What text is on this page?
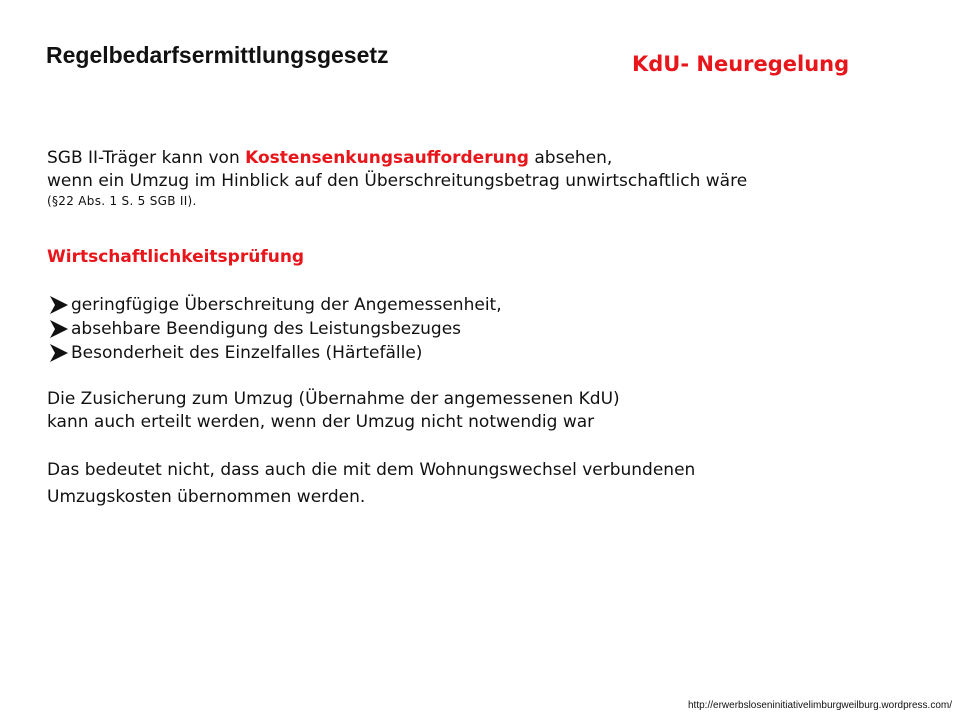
Regelbedarfsermittlungsgesetz	KdU- Neuregelung
SGB II-Träger kann von Kostensenkungsaufforderung absehen,
wenn ein Umzug im Hinblick auf den Überschreitungsbetrag unwirtschaftlich wäre
(§22 Abs. 1 S. 5 SGB II).
Wirtschaftlichkeitsprüfung
geringfügige Überschreitung der Angemessenheit,
absehbare Beendigung des Leistungsbezuges
Besonderheit des Einzelfalles (Härtefälle)
Die Zusicherung zum Umzug (Übernahme der angemessenen KdU)
kann auch erteilt werden, wenn der Umzug nicht notwendig war
Das bedeutet nicht, dass auch die mit dem Wohnungswechsel verbundenen
Umzugskosten übernommen werden.
http://erwerbsloseninitiativelimburgweilburg.wordpress.com/
